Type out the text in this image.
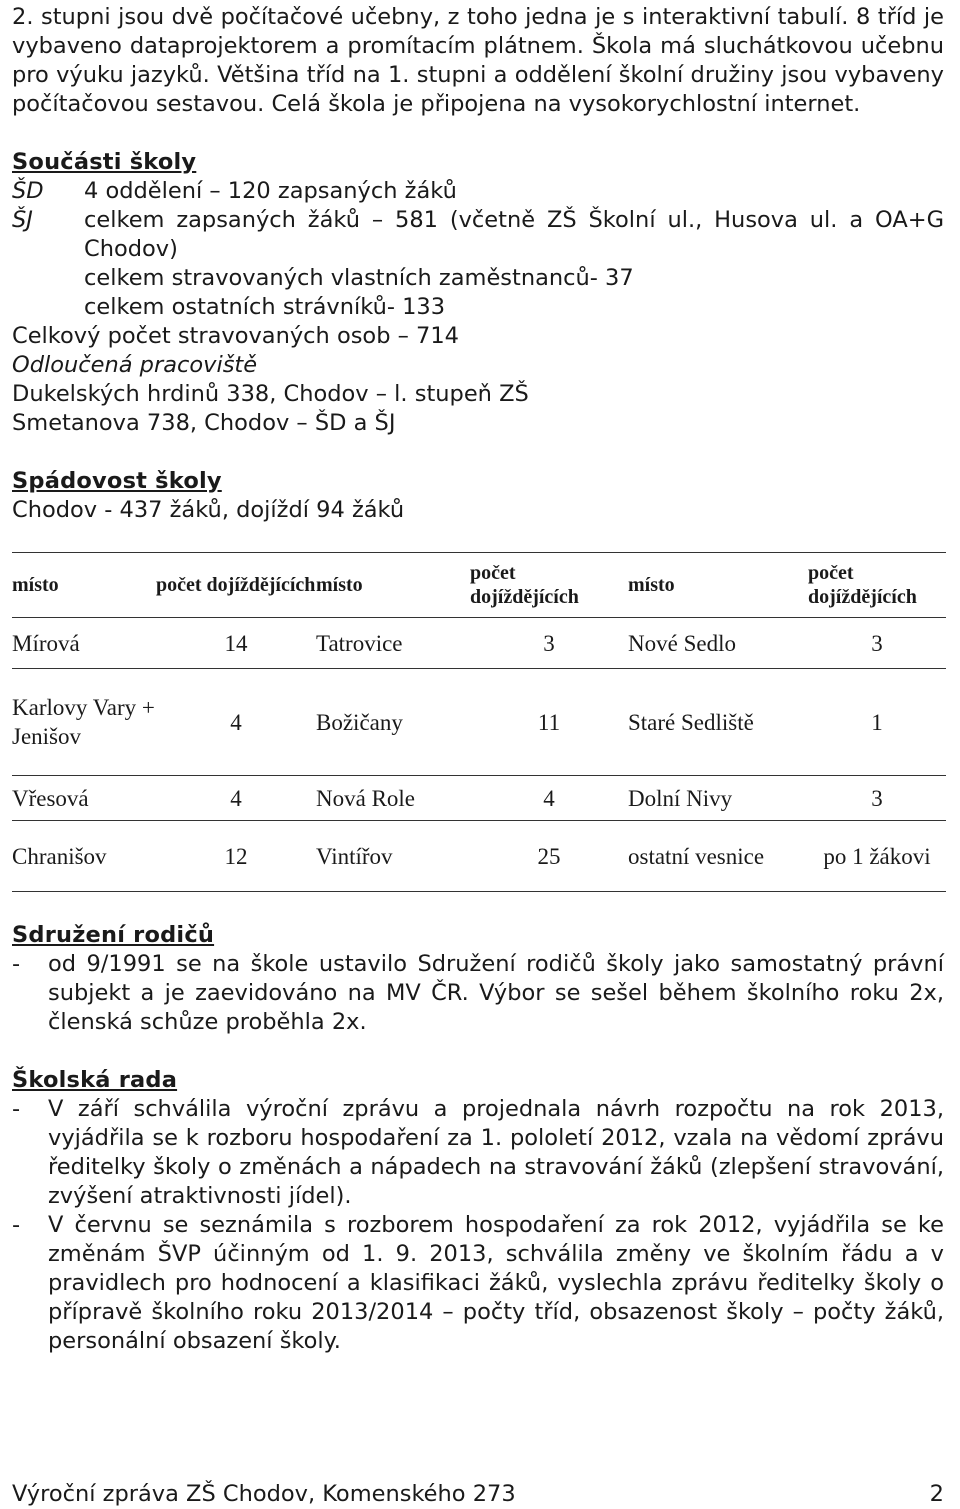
2. stupni jsou dvě počítačové učebny, z toho jedna je s interaktivní tabulí. 8 tříd je vybaveno dataprojektorem a promítacím plátnem. Škola má sluchátkovou učebnu pro výuku jazyků. Většina tříd na 1. stupni a oddělení školní družiny jsou vybaveny počítačovou sestavou. Celá škola je připojena na vysokorychlostní internet.
Součásti školy
ŠD	4 oddělení – 120 zapsaných žáků
ŠJ	celkem zapsaných žáků – 581 (včetně ZŠ Školní ul., Husova ul. a OA+G Chodov)
celkem stravovaných vlastních zaměstnanců- 37
celkem ostatních strávníků- 133
Celkový počet stravovaných osob – 714
Odloučená pracoviště
Dukelských hrdinů 338, Chodov – l. stupeň ZŠ
Smetanova 738, Chodov – ŠD a ŠJ
Spádovost školy
Chodov - 437 žáků, dojíždí 94 žáků
místo	počet dojíždějících	místo	počet dojíždějících	místo	počet dojíždějících
Mírová	14	Tatrovice	3	Nové Sedlo	3
Karlovy Vary + Jenišov	4	Božičany	11	Staré Sedliště	1
Vřesová	4	Nová Role	4	Dolní Nivy	3
Chranišov	12	Vintířov	25	ostatní vesnice	po 1 žákovi
Sdružení rodičů
-	od 9/1991 se na škole ustavilo Sdružení rodičů školy jako samostatný právní subjekt a je zaevidováno na MV ČR. Výbor se sešel během školního roku 2x, členská schůze proběhla 2x.
Školská rada
-	V září schválila výroční zprávu a projednala návrh rozpočtu na rok 2013, vyjádřila se k rozboru hospodaření za 1. pololetí 2012, vzala na vědomí zprávu ředitelky školy o změnách a nápadech na stravování žáků (zlepšení stravování, zvýšení atraktivnosti jídel).
-	V červnu se seznámila s rozborem hospodaření za rok 2012, vyjádřila se ke změnám ŠVP účinným od 1. 9. 2013, schválila změny ve školním řádu a v pravidlech pro hodnocení a klasifikaci žáků, vyslechla zprávu ředitelky školy o přípravě školního roku 2013/2014 – počty tříd, obsazenost školy – počty žáků, personální obsazení školy.
Výroční zpráva ZŠ Chodov, Komenského 273	2
